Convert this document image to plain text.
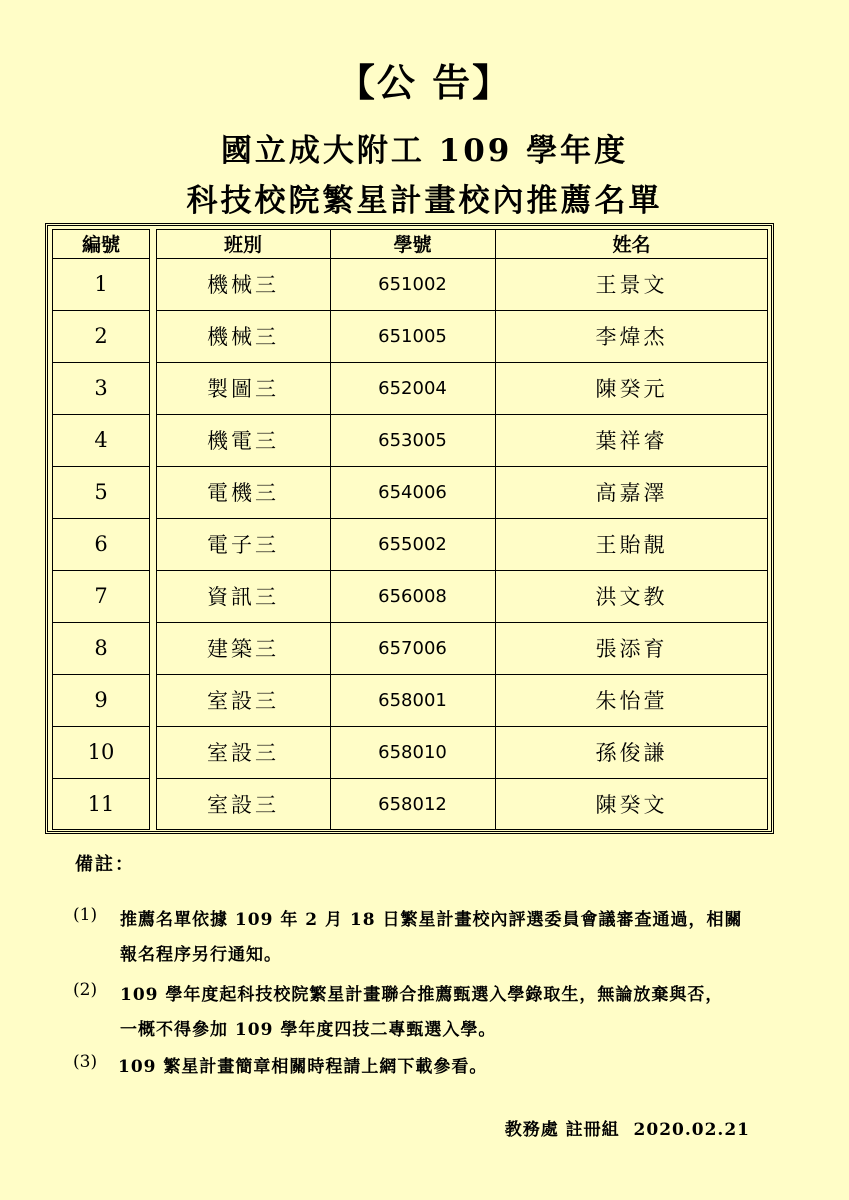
【公 告】
國立成大附工 109 學年度
科技校院繁星計畫校內推薦名單
編號	班別	學號	姓名
1	機械三	651002	王景文
2	機械三	651005	李煒杰
3	製圖三	652004	陳癸元
4	機電三	653005	葉祥睿
5	電機三	654006	高嘉澤
6	電子三	655002	王貽靚
7	資訊三	656008	洪文教
8	建築三	657006	張添育
9	室設三	658001	朱怡萱
10	室設三	658010	孫俊謙
11	室設三	658012	陳癸文
備註：
(1) 推薦名單依據 109 年 2 月 18 日繁星計畫校內評選委員會議審查通過，相關
報名程序另行通知。
(2) 109 學年度起科技校院繁星計畫聯合推薦甄選入學錄取生，無論放棄與否，
一概不得參加 109 學年度四技二專甄選入學。
(3) 109 繁星計畫簡章相關時程請上網下載參看。
教務處 註冊組 2020.02.21
